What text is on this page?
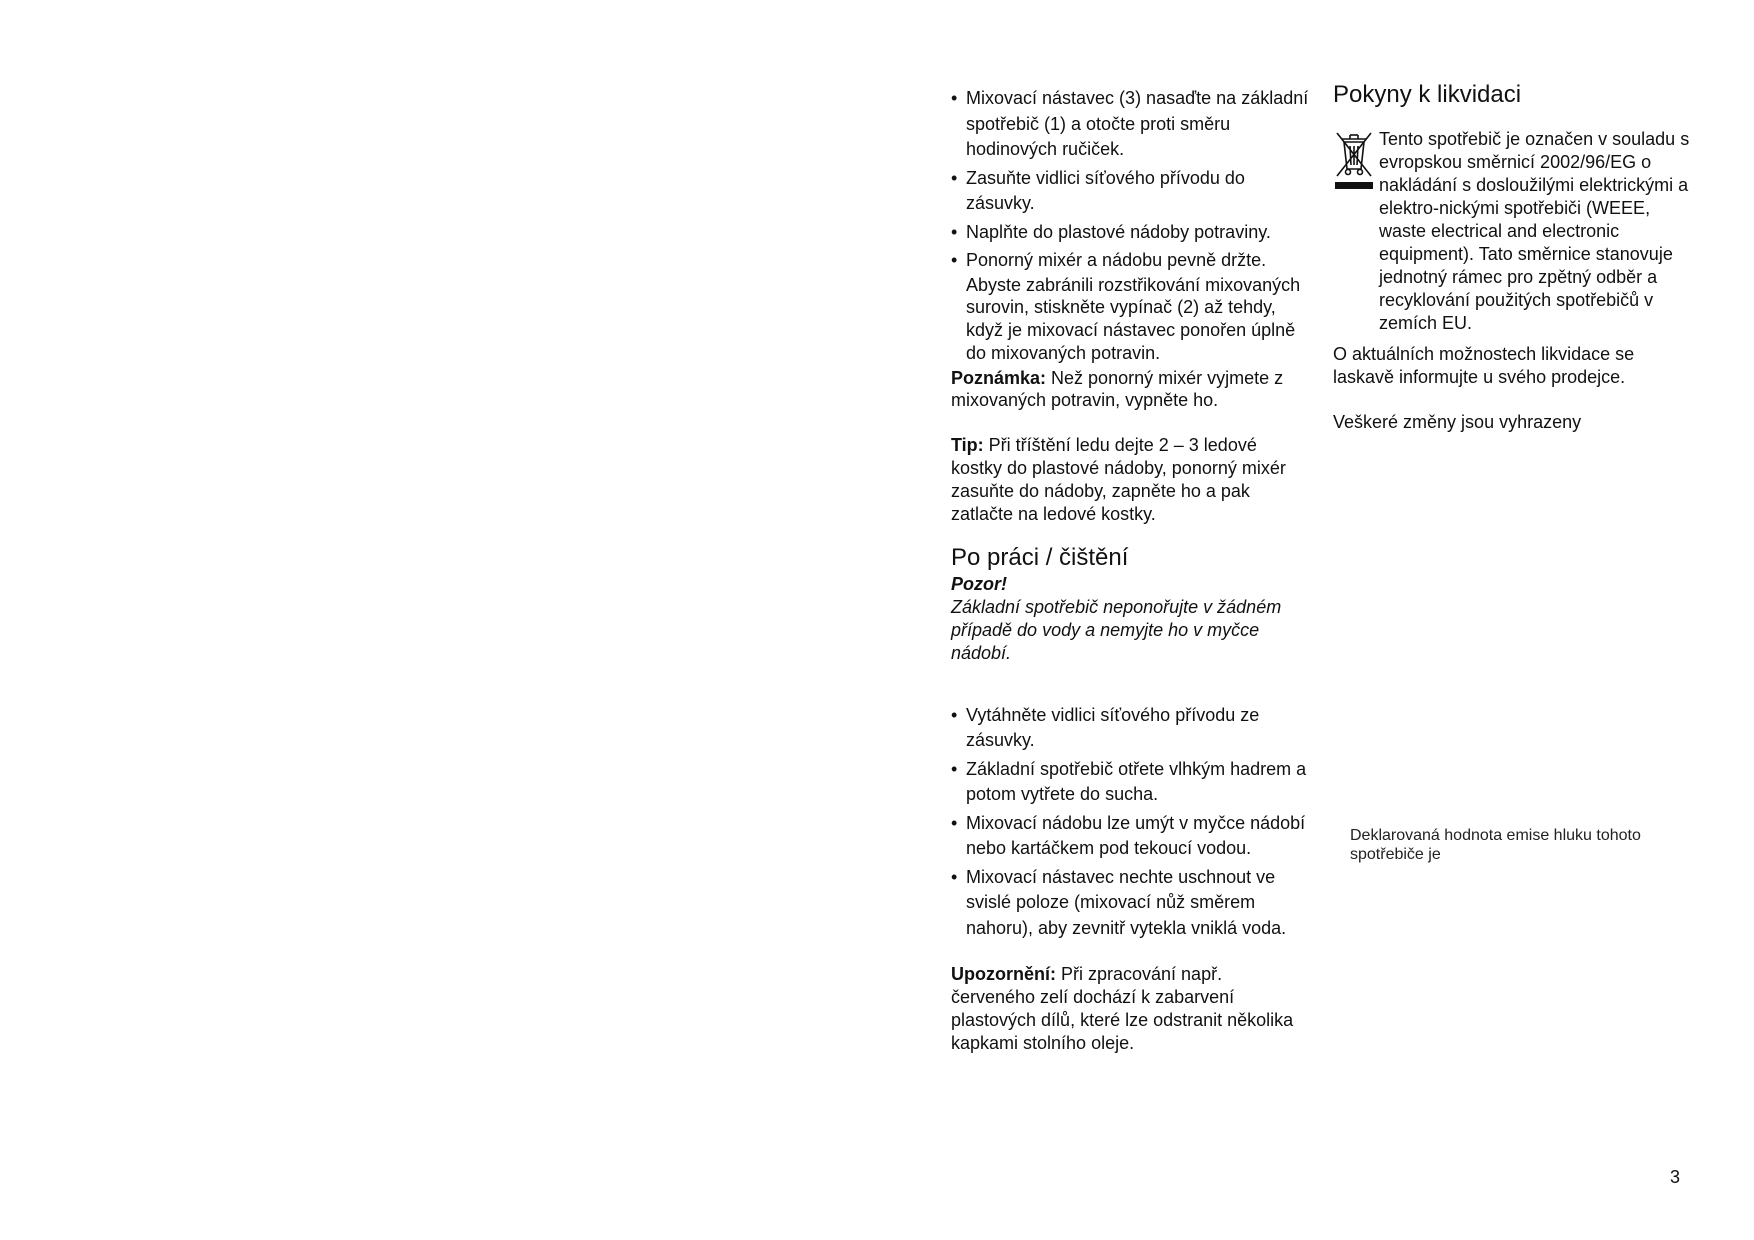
• Mixovací nástavec (3) nasaďte na základní spotřebič (1) a otočte proti směru hodinových ručiček.
• Zasuňte vidlici síťového přívodu do zásuvky.
• Naplňte do plastové nádoby potraviny.
• Ponorný mixér a nádobu pevně držte.
Abyste zabránili rozstřikování mixovaných surovin, stiskněte vypínač (2) až tehdy, když je mixovací nástavec ponořen úplně do mixovaných potravin.

Poznámka: Než ponorný mixér vyjmete z mixovaných potravin, vypněte ho.

Tip: Při tříštění ledu dejte 2 – 3 ledové kostky do plastové nádoby, ponorný mixér zasuňte do nádoby, zapněte ho a pak zatlačte na ledové kostky.

Po práci / čištění
Pozor!
Základní spotřebič neponořujte v žádném případě do vody a nemyjte ho v myčce nádobí.
• Vytáhněte vidlici síťového přívodu ze zásuvky.
• Základní spotřebič otřete vlhkým hadrem a potom vytřete do sucha.
• Mixovací nádobu lze umýt v myčce nádobí nebo kartáčkem pod tekoucí vodou.
• Mixovací nástavec nechte uschnout ve svislé poloze (mixovací nůž směrem nahoru), aby zevnitř vytekla vniklá voda.

Upozornění: Při zpracování např. červeného zelí dochází k zabarvení plastových dílů, které lze odstranit několika kapkami stolního oleje.

Pokyny k likvidaci
Tento spotřebič je označen v souladu s evropskou směrnicí 2002/96/EG o nakládání s dosloužilými elektrickými a elektro-nickými spotřebiči (WEEE, waste electrical and electronic equipment). Tato směrnice stanovuje jednotný rámec pro zpětný odběr a recyklování použitých spotřebičů v zemích EU.

O aktuálních možnostech likvidace se laskavě informujte u svého prodejce.

Veškeré změny jsou vyhrazeny

Deklarovaná hodnota emise hluku tohoto spotřebiče je
3
